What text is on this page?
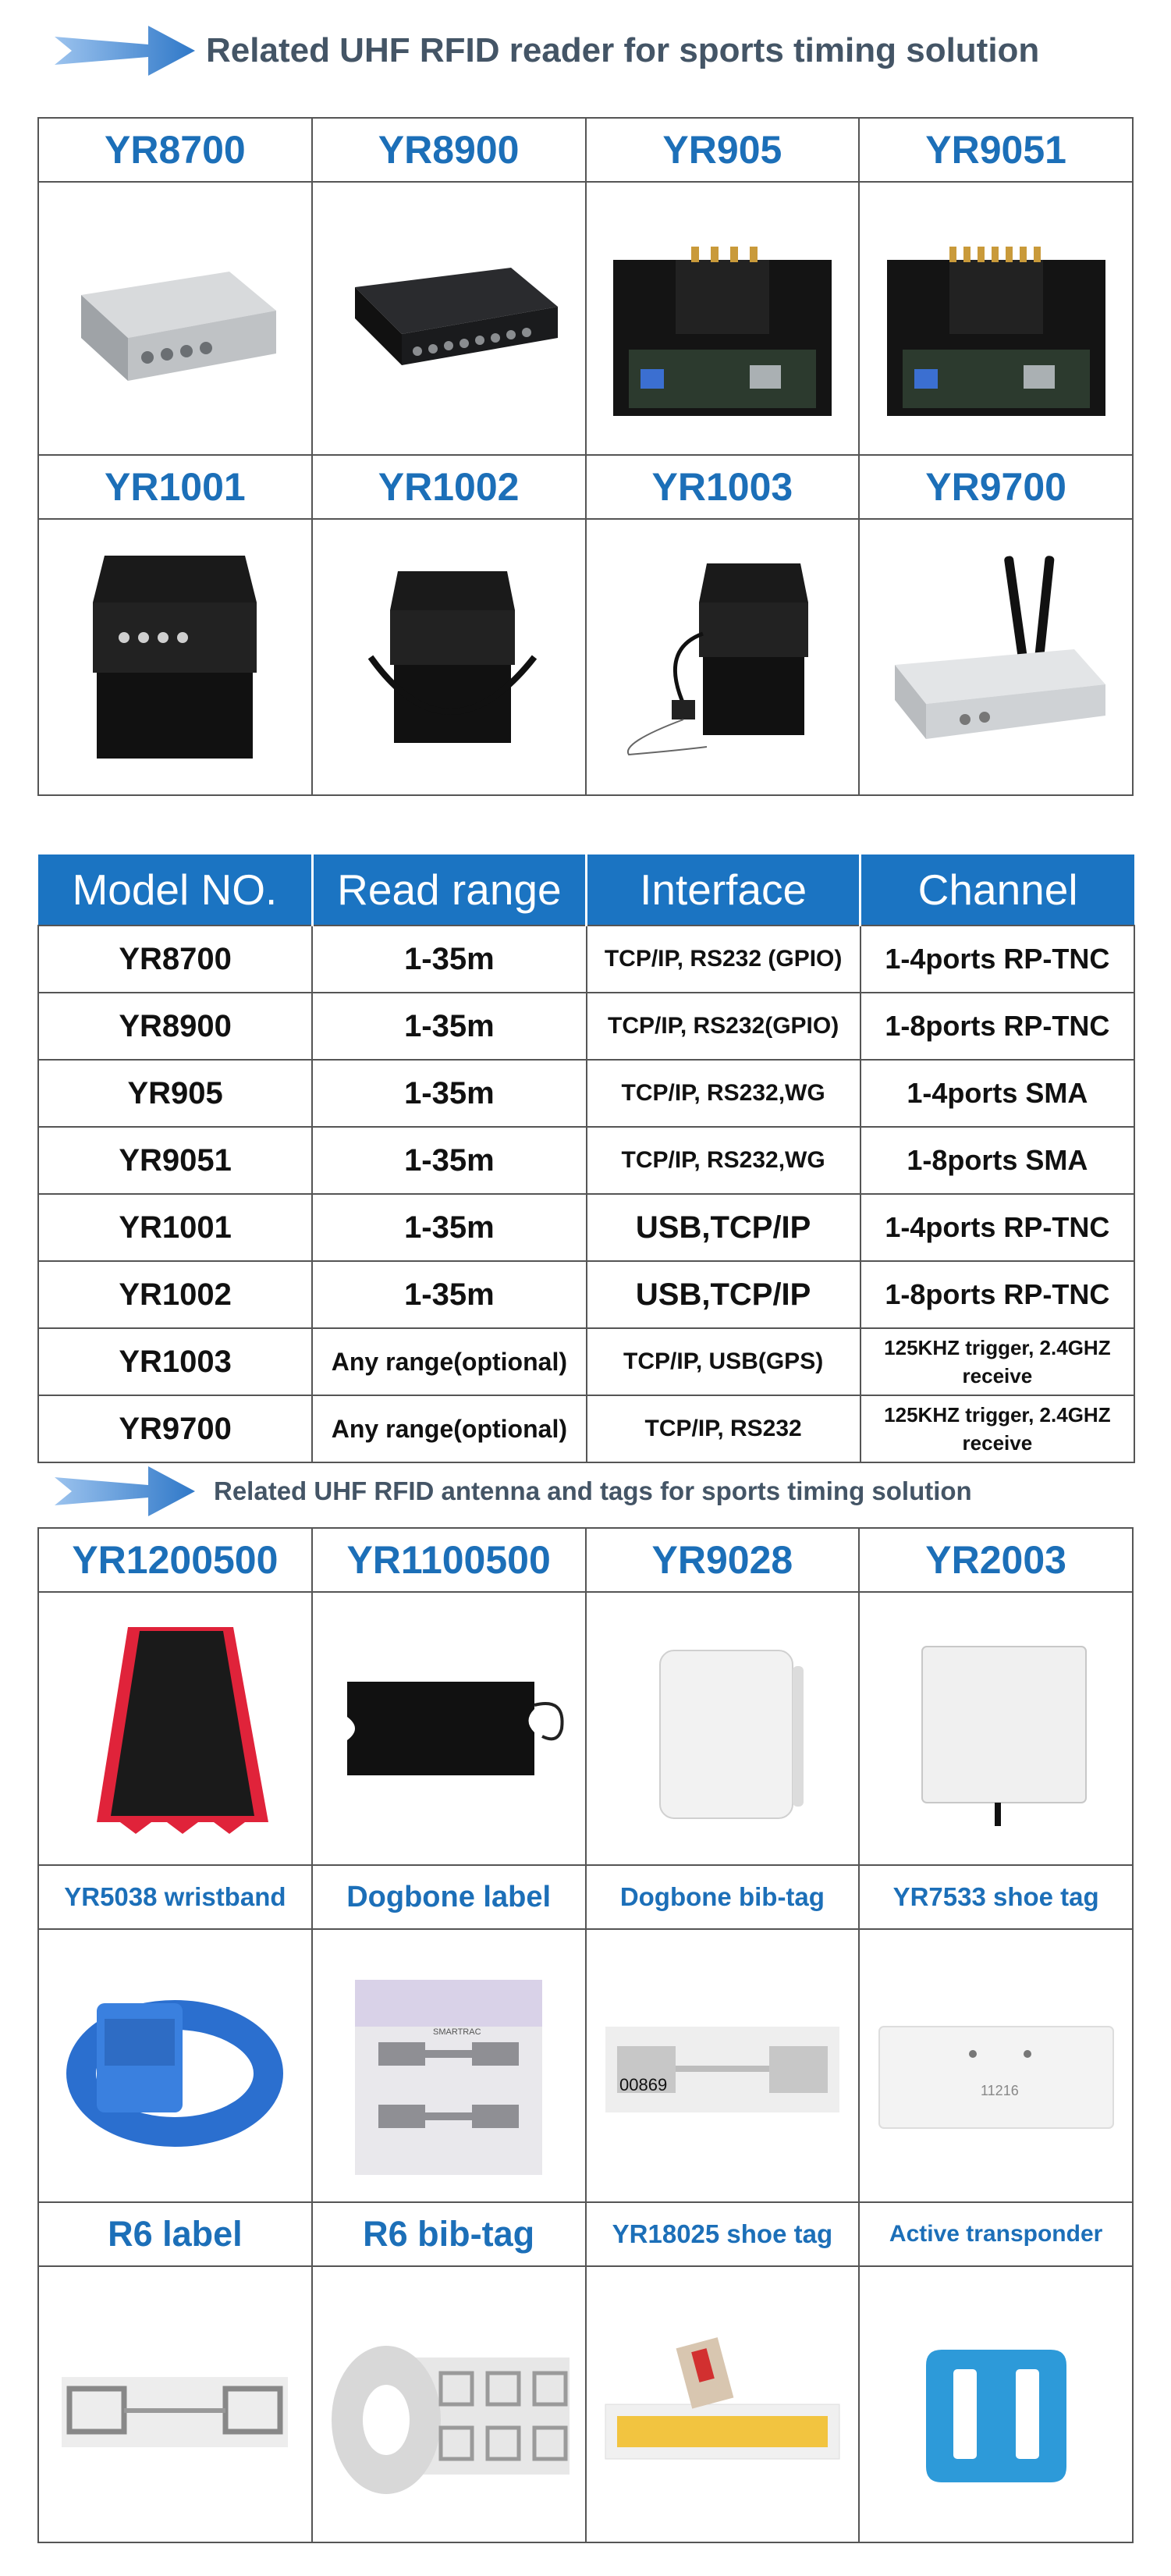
Related UHF RFID reader for sports timing solution
YR8700	YR8900	YR905	YR9051

YR1001	YR1002	YR1003	YR9700

Model NO.	Read range	Interface	Channel
YR8700	1-35m	TCP/IP, RS232 (GPIO)	1-4ports RP-TNC
YR8900	1-35m	TCP/IP, RS232(GPIO)	1-8ports RP-TNC
YR905	1-35m	TCP/IP, RS232,WG	1-4ports SMA
YR9051	1-35m	TCP/IP, RS232,WG	1-8ports SMA
YR1001	1-35m	USB,TCP/IP	1-4ports RP-TNC
YR1002	1-35m	USB,TCP/IP	1-8ports RP-TNC
YR1003	Any range(optional)	TCP/IP, USB(GPS)	125KHZ trigger, 2.4GHZ receive
YR9700	Any range(optional)	TCP/IP, RS232	125KHZ trigger, 2.4GHZ receive
Related UHF RFID antenna and tags for sports timing solution
YR1200500	YR1100500	YR9028	YR2003

YR5038 wristband	Dogbone label	Dogbone bib-tag	YR7533 shoe tag

SMARTRAC	00869	11216

R6 label	R6 bib-tag	YR18025 shoe tag	Active transponder
